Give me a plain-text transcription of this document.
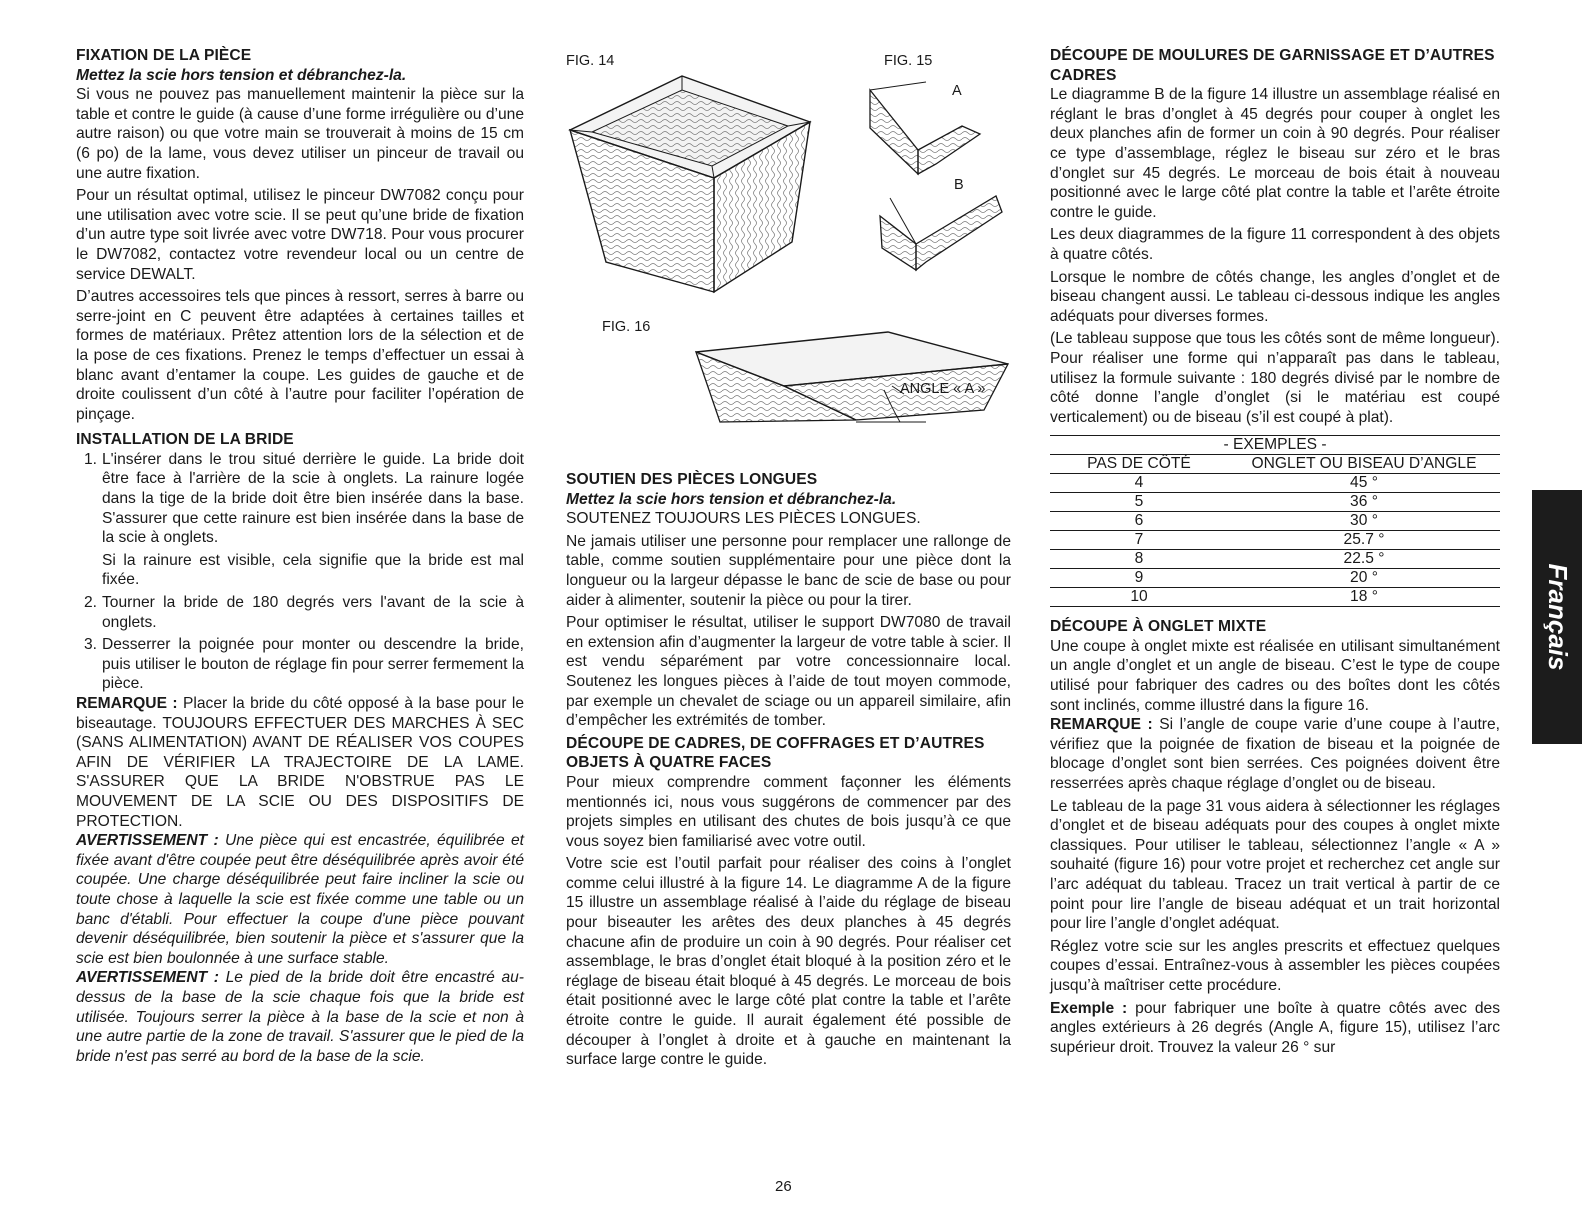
FIXATION DE LA PIÈCE

Mettez la scie hors tension et débranchez-la.

Si vous ne pouvez pas manuellement maintenir la pièce sur la table et contre le guide (à cause d’une forme irrégulière ou d’une autre raison) ou que votre main se trouverait à moins de 15 cm (6 po) de la lame, vous devez utiliser un pinceur de travail ou une autre fixation.

Pour un résultat optimal, utilisez le pinceur DW7082 conçu pour une utilisation avec votre scie. Il se peut qu’une bride de fixation d’un autre type soit livrée avec votre DW718. Pour vous procurer le DW7082, contactez votre revendeur local ou un centre de service DEWALT.

D’autres accessoires tels que pinces à ressort, serres à barre ou serre-joint en C peuvent être adaptées à certaines tailles et formes de matériaux. Prêtez attention lors de la sélection et de la pose de ces fixations. Prenez le temps d’effectuer un essai à blanc avant d’entamer la coupe. Les guides de gauche et de droite coulissent d’un côté à l’autre pour faciliter l’opération de pinçage.

INSTALLATION DE LA BRIDE
1. L'insérer dans le trou situé derrière le guide. La bride doit être face à l'arrière de la scie à onglets. La rainure logée dans la tige de la bride doit être bien insérée dans la base. S'assurer que cette rainure est bien insérée dans la base de la scie à onglets.

Si la rainure est visible, cela signifie que la bride est mal fixée.

2. Tourner la bride de 180 degrés vers l'avant de la scie à onglets.

3. Desserrer la poignée pour monter ou descendre la bride, puis utiliser le bouton de réglage fin pour serrer fermement la pièce.

REMARQUE : Placer la bride du côté opposé à la base pour le biseautage. TOUJOURS EFFECTUER DES MARCHES À SEC (SANS ALIMENTATION) AVANT DE RÉALISER VOS COUPES AFIN DE VÉRIFIER LA TRAJECTOIRE DE LA LAME. S'ASSURER QUE LA BRIDE N'OBSTRUE PAS LE MOUVEMENT DE LA SCIE OU DES DISPOSITIFS DE PROTECTION.

AVERTISSEMENT : Une pièce qui est encastrée, équilibrée et fixée avant d'être coupée peut être déséquilibrée après avoir été coupée. Une charge déséquilibrée peut faire incliner la scie ou toute chose à laquelle la scie est fixée comme une table ou un banc d'établi. Pour effectuer la coupe d'une pièce pouvant devenir déséquilibrée, bien soutenir la pièce et s'assurer que la scie est bien boulonnée à une surface stable.

AVERTISSEMENT : Le pied de la bride doit être encastré au-dessus de la base de la scie chaque fois que la bride est utilisée. Toujours serrer la pièce à la base de la scie et non à une autre partie de la zone de travail. S'assurer que le pied de la bride n'est pas serré au bord de la base de la scie.

FIG. 14	FIG. 15
A
B
FIG. 16
ANGLE « A »
SOUTIEN DES PIÈCES LONGUES

Mettez la scie hors tension et débranchez-la.

SOUTENEZ TOUJOURS LES PIÈCES LONGUES.

Ne jamais utiliser une personne pour remplacer une rallonge de table, comme soutien supplémentaire pour une pièce dont la longueur ou la largeur dépasse le banc de scie de base ou pour aider à alimenter, soutenir la pièce ou pour la tirer.

Pour optimiser le résultat, utiliser le support DW7080 de travail en extension afin d’augmenter la largeur de votre table à scier. Il est vendu séparément par votre concessionnaire local. Soutenez les longues pièces à l’aide de tout moyen commode, par exemple un chevalet de sciage ou un appareil similaire, afin d’empêcher les extrémités de tomber.

DÉCOUPE DE CADRES, DE COFFRAGES ET D’AUTRES OBJETS À QUATRE FACES

Pour mieux comprendre comment façonner les éléments mentionnés ici, nous vous suggérons de commencer par des projets simples en utilisant des chutes de bois jusqu’à ce que vous soyez bien familiarisé avec votre outil.

Votre scie est l’outil parfait pour réaliser des coins à l’onglet comme celui illustré à la figure 14. Le diagramme A de la figure 15 illustre un assemblage réalisé à l’aide du réglage de biseau pour biseauter les arêtes des deux planches à 45 degrés chacune afin de produire un coin à 90 degrés. Pour réaliser cet assemblage, le bras d’onglet était bloqué à la position zéro et le réglage de biseau était bloqué à 45 degrés. Le morceau de bois était positionné avec le large côté plat contre la table et l’arête étroite contre le guide. Il aurait également été possible de découper à l’onglet à droite et à gauche en maintenant la surface large contre le guide.

DÉCOUPE DE MOULURES DE GARNISSAGE ET D’AUTRES CADRES

Le diagramme B de la figure 14 illustre un assemblage réalisé en réglant le bras d’onglet à 45 degrés pour couper à onglet les deux planches afin de former un coin à 90 degrés. Pour réaliser ce type d’assemblage, réglez le biseau sur zéro et le bras d’onglet sur 45 degrés. Le morceau de bois était à nouveau positionné avec le large côté plat contre la table et l’arête étroite contre le guide.

Les deux diagrammes de la figure 11 correspondent à des objets à quatre côtés.

Lorsque le nombre de côtés change, les angles d’onglet et de biseau changent aussi. Le tableau ci-dessous indique les angles adéquats pour diverses formes.

(Le tableau suppose que tous les côtés sont de même longueur). Pour réaliser une forme qui n’apparaît pas dans le tableau, utilisez la formule suivante : 180 degrés divisé par le nombre de côté donne l’angle d’onglet (si le matériau est coupé verticalement) ou de biseau (s’il est coupé à plat).

- EXEMPLES -	
PAS DE CÔTÉ	ONGLET OU BISEAU D’ANGLE
4	45 °
5	36 °
6	30 °
7	25.7 °
8	22.5 °
9	20 °
10	18 °
DÉCOUPE À ONGLET MIXTE

Une coupe à onglet mixte est réalisée en utilisant simultanément un angle d’onglet et un angle de biseau. C’est le type de coupe utilisé pour fabriquer des cadres ou des boîtes dont les côtés sont inclinés, comme illustré dans la figure 16.

REMARQUE : Si l’angle de coupe varie d’une coupe à l’autre, vérifiez que la poignée de fixation de biseau et la poignée de blocage d’onglet sont bien serrées. Ces poignées doivent être resserrées après chaque réglage d’onglet ou de biseau.

Le tableau de la page 31 vous aidera à sélectionner les réglages d’onglet et de biseau adéquats pour des coupes à onglet mixte classiques. Pour utiliser le tableau, sélectionnez l’angle « A » souhaité (figure 16) pour votre projet et recherchez cet angle sur l’arc adéquat du tableau. Tracez un trait vertical à partir de ce point pour lire l’angle de biseau adéquat et un trait horizontal pour lire l’angle d’onglet adéquat.

Réglez votre scie sur les angles prescrits et effectuez quelques coupes d’essai. Entraînez-vous à assembler les pièces coupées jusqu’à maîtriser cette procédure.

Exemple : pour fabriquer une boîte à quatre côtés avec des angles extérieurs à 26 degrés (Angle A, figure 15), utilisez l’arc supérieur droit. Trouvez la valeur 26 ° sur

Français
26
